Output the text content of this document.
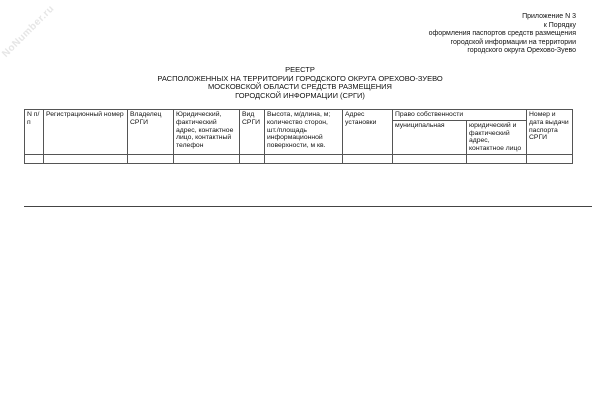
NoNumber.ru	Приложение N 3
к Порядку
оформления паспортов средств размещения
городской информации на территории
городского округа Орехово-Зуево
РЕЕСТР
РАСПОЛОЖЕННЫХ НА ТЕРРИТОРИИ ГОРОДСКОГО ОКРУГА ОРЕХОВО-ЗУЕВО
МОСКОВСКОЙ ОБЛАСТИ СРЕДСТВ РАЗМЕЩЕНИЯ
ГОРОДСКОЙ ИНФОРМАЦИИ (СРГИ)
N п/п	Регистрационный номер	Владелец СРГИ	Юридический, фактический адрес, контактное лицо, контактный телефон	Вид СРГИ	Высота, м/длина, м; количество сторон, шт./площадь информационной поверхности, м кв.	Адрес установки	Право собственности		Номер и дата выдачи паспорта СРГИ
							муниципальная	юридический и фактический адрес, контактное лицо	
